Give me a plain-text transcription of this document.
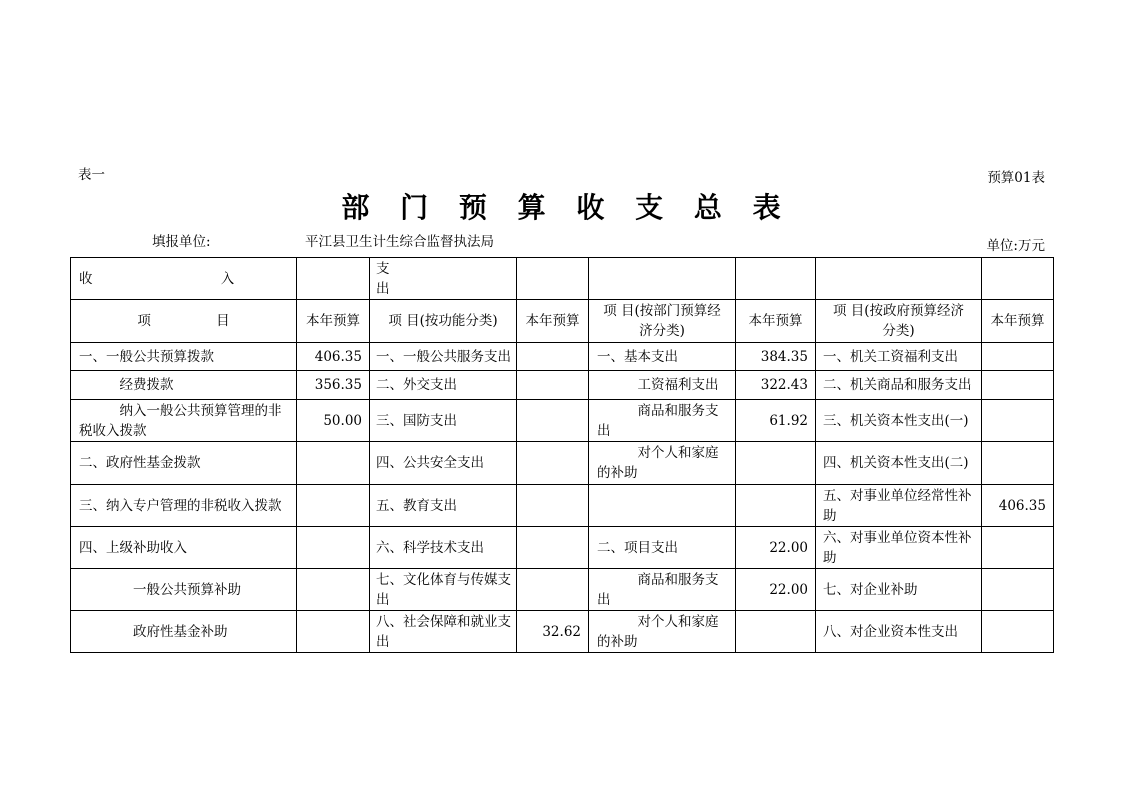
表一	预算01表
部 门 预 算 收 支 总 表
填报单位:	平江县卫生计生综合监督执法局	单位:万元
收 入		支 出					

项 目	本年预算	项 目(按功能分类)	本年预算	项 目(按部门预算经济分类)	本年预算	项 目(按政府预算经济分类)	本年预算
一、一般公共预算拨款	406.35	一、一般公共服务支出		一、基本支出	384.35	一、机关工资福利支出	
经费拨款	356.35	二、外交支出		工资福利支出	322.43	二、机关商品和服务支出	
纳入一般公共预算管理的非税收入拨款	50.00	三、国防支出		商品和服务支出	61.92	三、机关资本性支出(一)	
二、政府性基金拨款		四、公共安全支出		对个人和家庭的补助		四、机关资本性支出(二)	
三、纳入专户管理的非税收入拨款		五、教育支出				五、对事业单位经常性补助	406.35
四、上级补助收入		六、科学技术支出		二、项目支出	22.00	六、对事业单位资本性补助	
一般公共预算补助		七、文化体育与传媒支出		商品和服务支出	22.00	七、对企业补助	
政府性基金补助		八、社会保障和就业支出	32.62	对个人和家庭的补助		八、对企业资本性支出	
